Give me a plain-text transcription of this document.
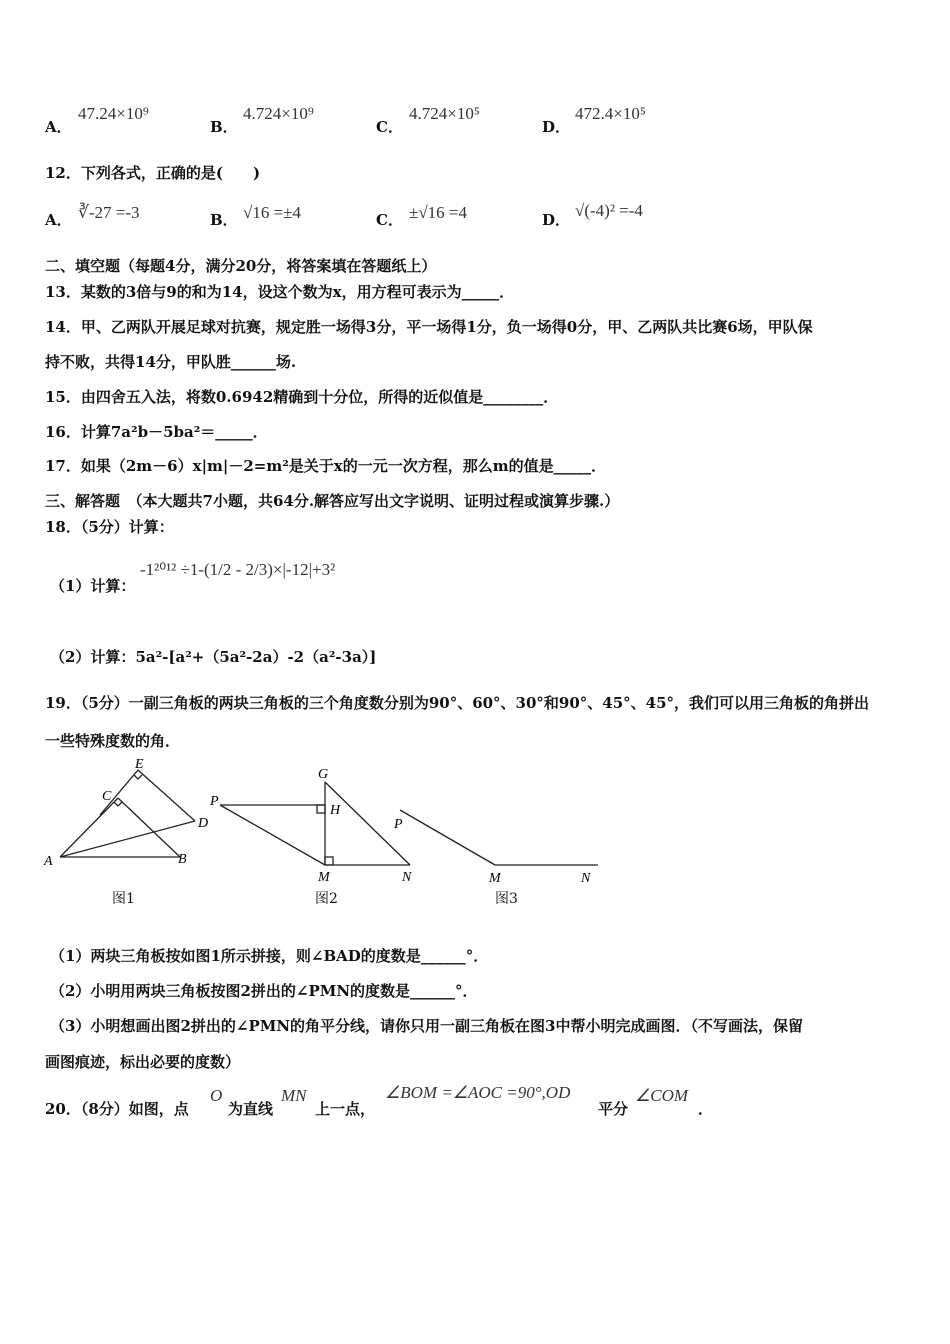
A．
47.24×10⁹
B．
4.724×10⁹
C．
4.724×10⁵
D．
472.4×10⁵
12．下列各式，正确的是(　　)
A． ∛-27 =-3	B． √16 =±4	C． ±√16 =4	D． √(-4)² =-4
二、填空题（每题4分，满分20分，将答案填在答题纸上）
13．某数的3倍与9的和为14，设这个数为x，用方程可表示为_____．
14．甲、乙两队开展足球对抗赛，规定胜一场得3分，平一场得1分，负一场得0分，甲、乙两队共比赛6场，甲队保
持不败，共得14分，甲队胜______场.
15．由四舍五入法，将数0.6942精确到十分位，所得的近似值是________．
16．计算7a²b－5ba²＝_____．
17．如果（2m－6）x|m|－2=m²是关于x的一元一次方程，那么m的值是_____．
三、解答题　（本大题共7小题，共64分.解答应写出文字说明、证明过程或演算步骤.）
18．（5分）计算：
（1）计算：
-1²⁰¹² ÷1-(1/2 - 2/3)×|-12|+3²
（2）计算：5a²-[a²+（5a²-2a）-2（a²-3a）]
19．（5分）一副三角板的两块三角板的三个角度数分别为90°、60°、30°和90°、45°、45°，我们可以用三角板的角拼出
一些特殊度数的角．
E
C
D
A	B
图1
G
P
H
M	N
图2
P
M	N
图3
（1）两块三角板按如图1所示拼接，则∠BAD的度数是______°．
（2）小明用两块三角板按图2拼出的∠PMN的度数是______°．
（3）小明想画出图2拼出的∠PMN的角平分线，请你只用一副三角板在图3中帮小明完成画图．（不写画法，保留
画图痕迹，标出必要的度数）
20．（8分）如图，点
O
为直线
MN
上一点，
∠BOM =∠AOC =90°,OD
平分
∠COM
．
